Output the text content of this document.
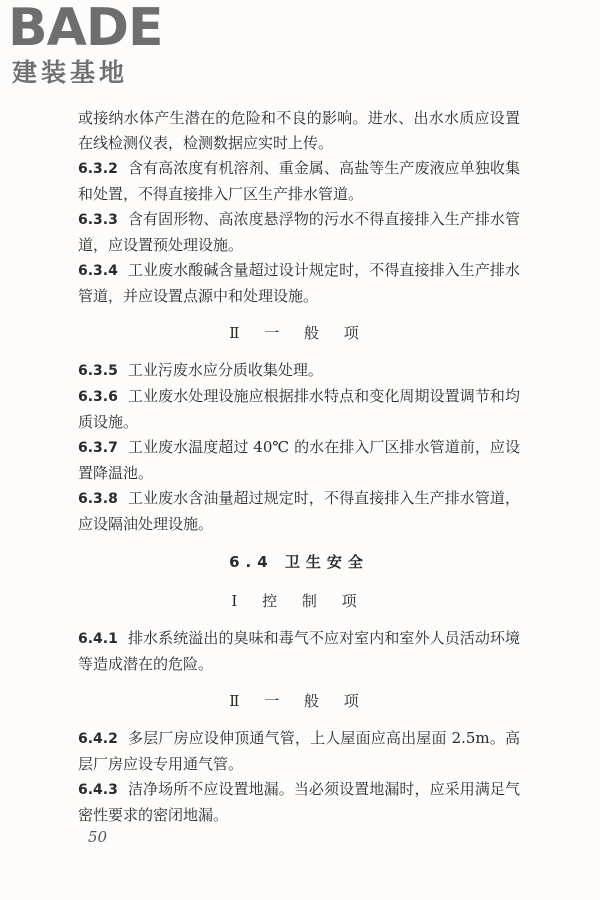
BADE
建装基地

或接纳水体产生潜在的危险和不良的影响。进水、出水水质应设置在线检测仪表，检测数据应实时上传。

6.3.2 含有高浓度有机溶剂、重金属、高盐等生产废液应单独收集和处置，不得直接排入厂区生产排水管道。

6.3.3 含有固形物、高浓度悬浮物的污水不得直接排入生产排水管道，应设置预处理设施。

6.3.4 工业废水酸碱含量超过设计规定时，不得直接排入生产排水管道，并应设置点源中和处理设施。

Ⅱ 一 般 项

6.3.5 工业污废水应分质收集处理。

6.3.6 工业废水处理设施应根据排水特点和变化周期设置调节和均质设施。

6.3.7 工业废水温度超过 40℃ 的水在排入厂区排水管道前，应设置降温池。

6.3.8 工业废水含油量超过规定时，不得直接排入生产排水管道，应设隔油处理设施。

6.4 卫生安全
Ⅰ 控 制 项

6.4.1 排水系统溢出的臭味和毒气不应对室内和室外人员活动环境等造成潜在的危险。

Ⅱ 一 般 项

6.4.2 多层厂房应设伸顶通气管，上人屋面应高出屋面 2.5m。高层厂房应设专用通气管。

6.4.3 洁净场所不应设置地漏。当必须设置地漏时，应采用满足气密性要求的密闭地漏。

50
